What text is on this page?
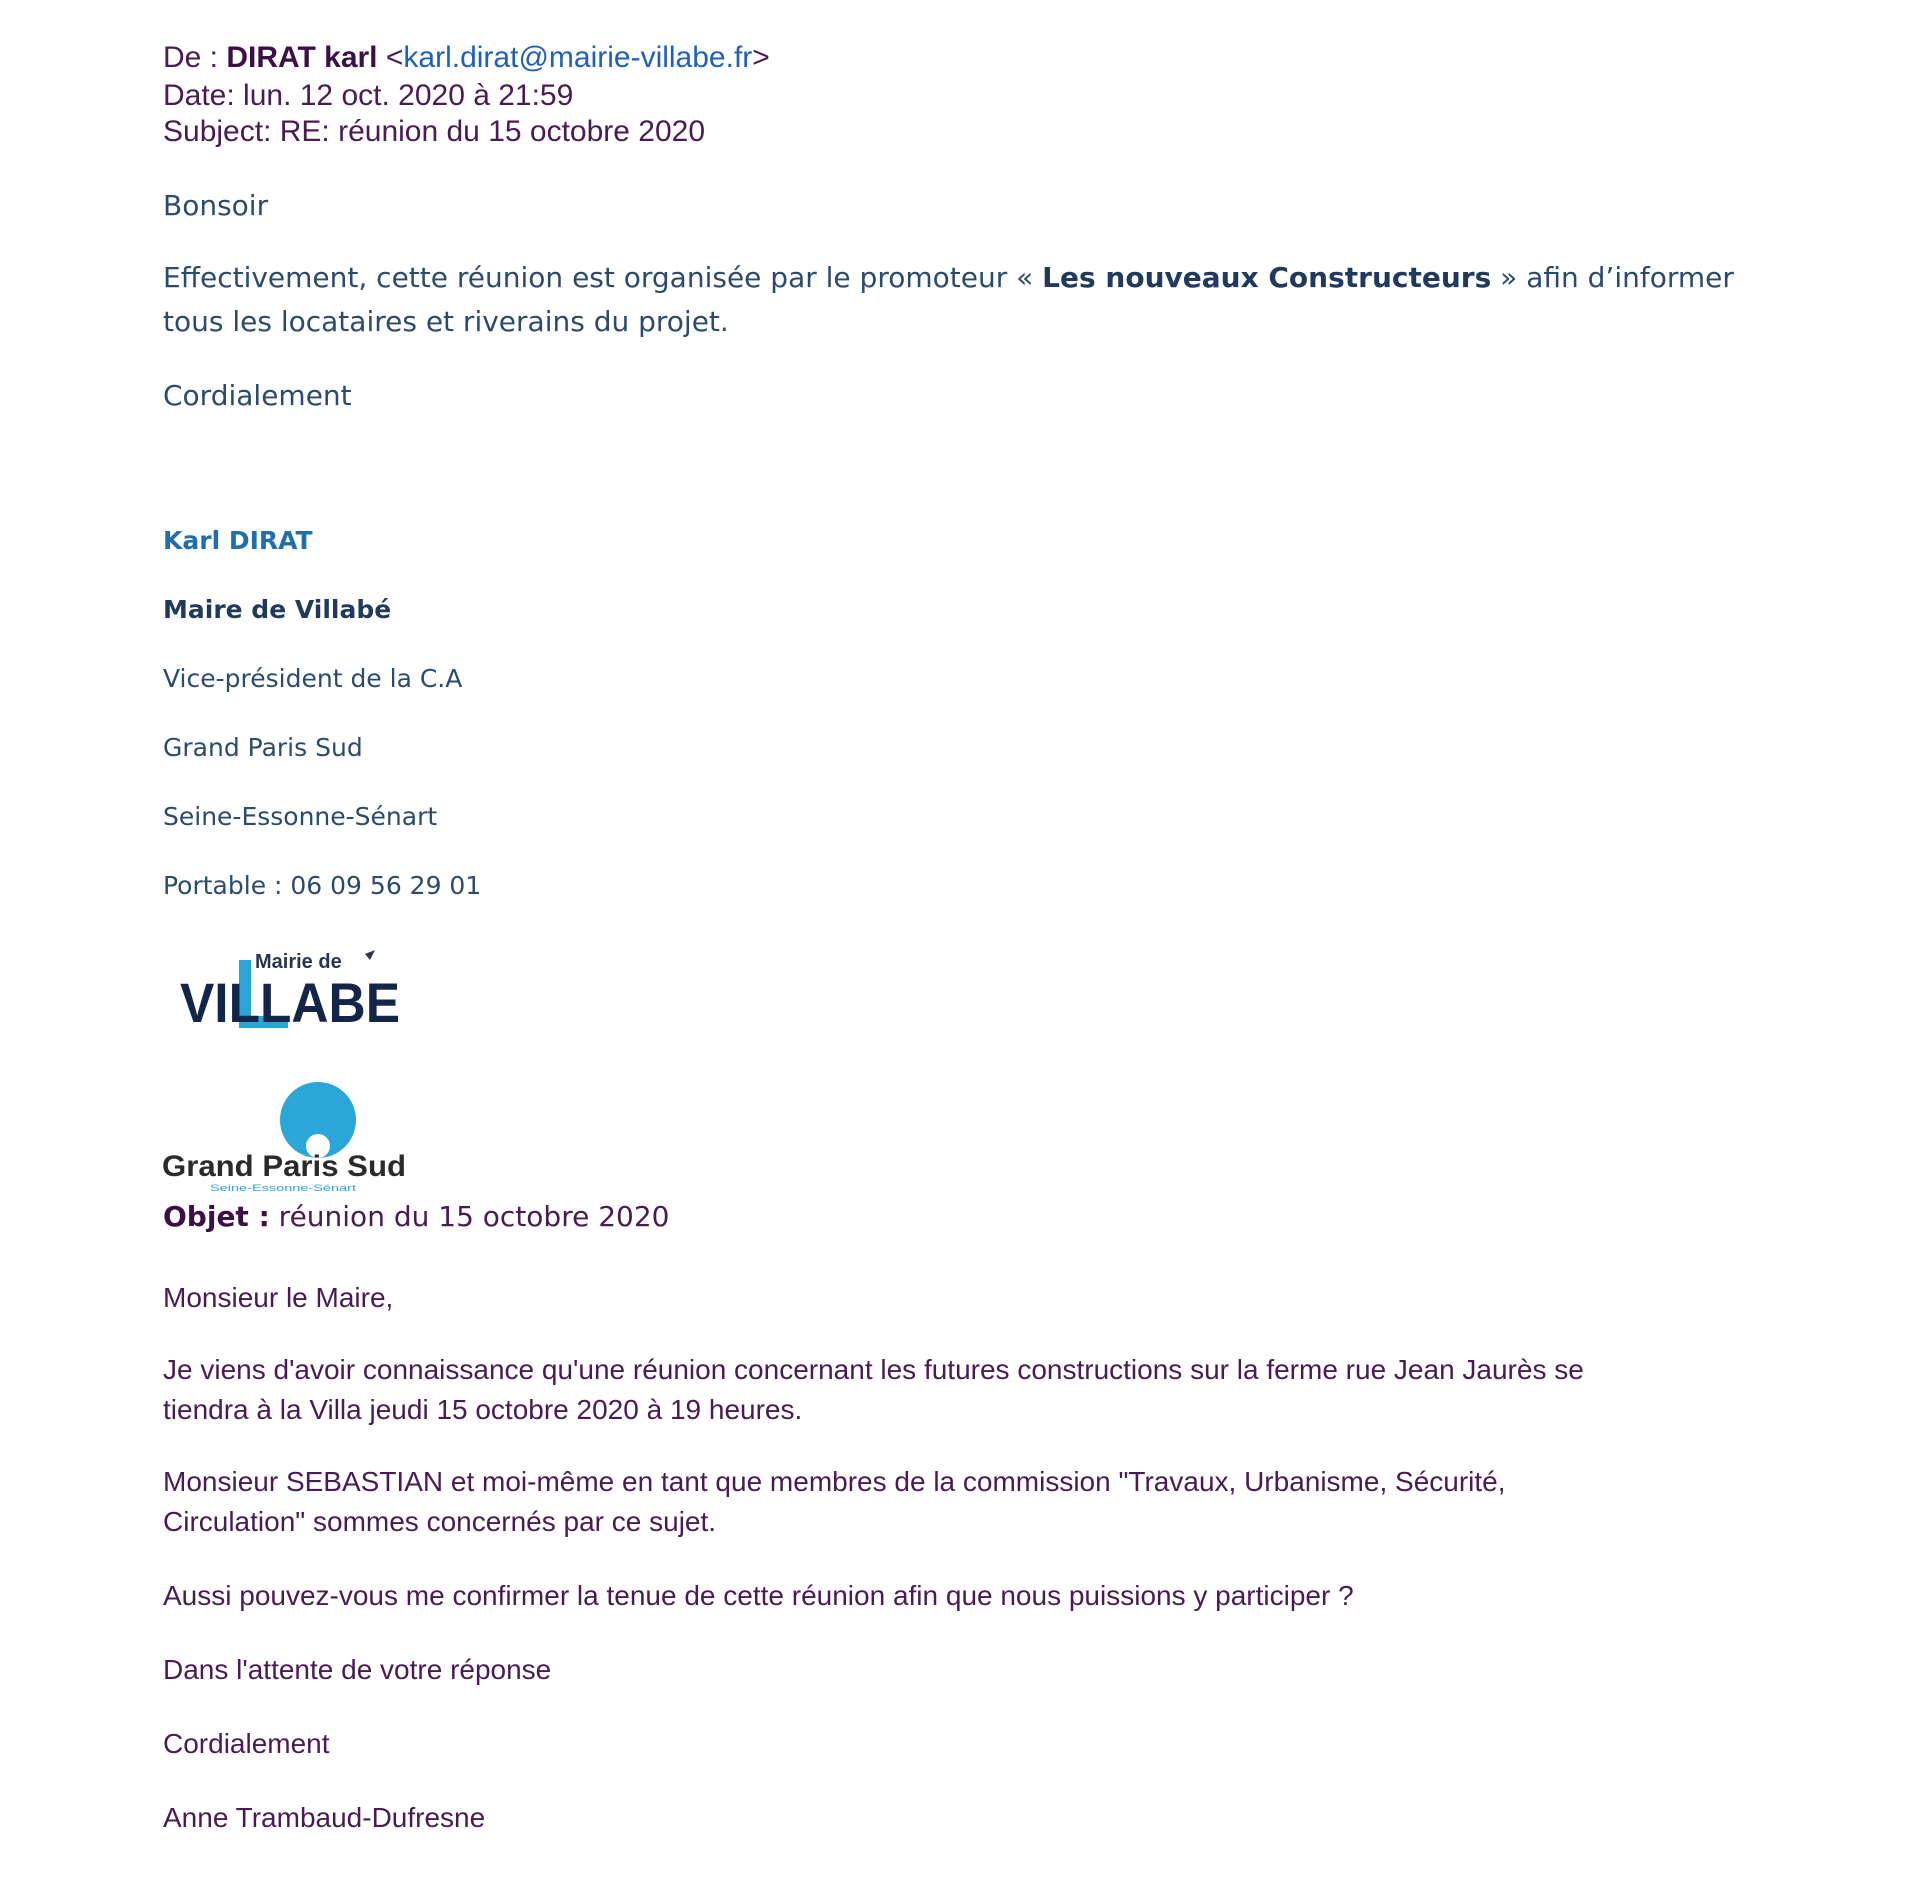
De : DIRAT karl <karl.dirat@mairie-villabe.fr>
Date: lun. 12 oct. 2020 à 21:59
Subject: RE: réunion du 15 octobre 2020
Bonsoir
Effectivement, cette réunion est organisée par le promoteur « Les nouveaux Constructeurs » afin d’informer tous les locataires et riverains du projet.
Cordialement
Karl DIRAT
Maire de Villabé
Vice-président de la C.A
Grand Paris Sud
Seine-Essonne-Sénart
Portable : 06 09 56 29 01
Mairie de
VILLABE
Grand Paris Sud
Seine-Essonne-Sénart
Objet : réunion du 15 octobre 2020
Monsieur le Maire,
Je viens d'avoir connaissance qu'une réunion concernant les futures constructions sur la ferme rue Jean Jaurès se
tiendra à la Villa jeudi 15 octobre 2020 à 19 heures.
Monsieur SEBASTIAN et moi-même en tant que membres de la commission "Travaux, Urbanisme, Sécurité,
Circulation" sommes concernés par ce sujet.
Aussi pouvez-vous me confirmer la tenue de cette réunion afin que nous puissions y participer ?
Dans l'attente de votre réponse
Cordialement
Anne Trambaud-Dufresne
